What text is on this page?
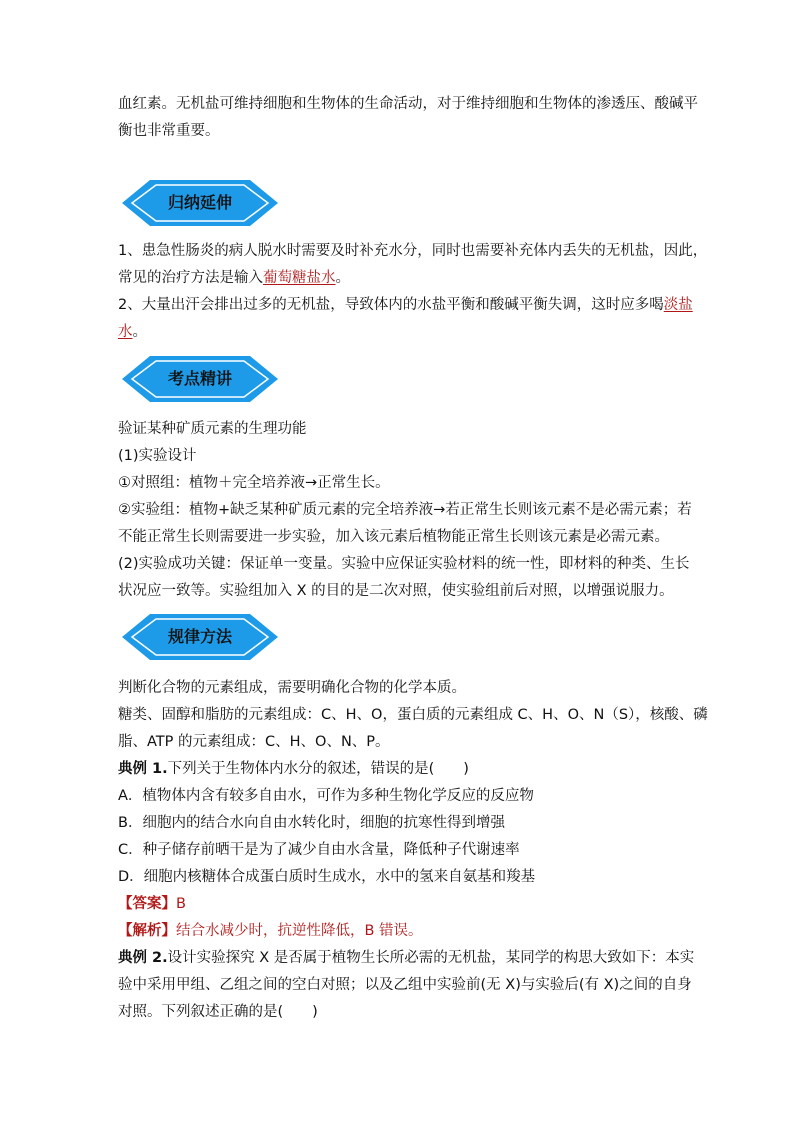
血红素。无机盐可维持细胞和生物体的生命活动，对于维持细胞和生物体的渗透压、酸碱平
衡也非常重要。
归纳延伸
1、患急性肠炎的病人脱水时需要及时补充水分，同时也需要补充体内丢失的无机盐，因此，
常见的治疗方法是输入葡萄糖盐水。
2、大量出汗会排出过多的无机盐，导致体内的水盐平衡和酸碱平衡失调，这时应多喝淡盐
水。
考点精讲
验证某种矿质元素的生理功能
(1)实验设计
①对照组：植物＋完全培养液→正常生长。
②实验组：植物+缺乏某种矿质元素的完全培养液→若正常生长则该元素不是必需元素；若
不能正常生长则需要进一步实验，加入该元素后植物能正常生长则该元素是必需元素。
(2)实验成功关键：保证单一变量。实验中应保证实验材料的统一性，即材料的种类、生长
状况应一致等。实验组加入 X 的目的是二次对照，使实验组前后对照，以增强说服力。
规律方法
判断化合物的元素组成，需要明确化合物的化学本质。
糖类、固醇和脂肪的元素组成：C、H、O，蛋白质的元素组成 C、H、O、N（S），核酸、磷
脂、ATP 的元素组成：C、H、O、N、P。
典例 1.下列关于生物体内水分的叙述，错误的是(　　)
A．植物体内含有较多自由水，可作为多种生物化学反应的反应物
B．细胞内的结合水向自由水转化时，细胞的抗寒性得到增强
C．种子储存前晒干是为了减少自由水含量，降低种子代谢速率
D．细胞内核糖体合成蛋白质时生成水，水中的氢来自氨基和羧基
【答案】B
【解析】结合水减少时，抗逆性降低，B 错误。
典例 2.设计实验探究 X 是否属于植物生长所必需的无机盐，某同学的构思大致如下：本实
验中采用甲组、乙组之间的空白对照；以及乙组中实验前(无 X)与实验后(有 X)之间的自身
对照。下列叙述正确的是(　　)
